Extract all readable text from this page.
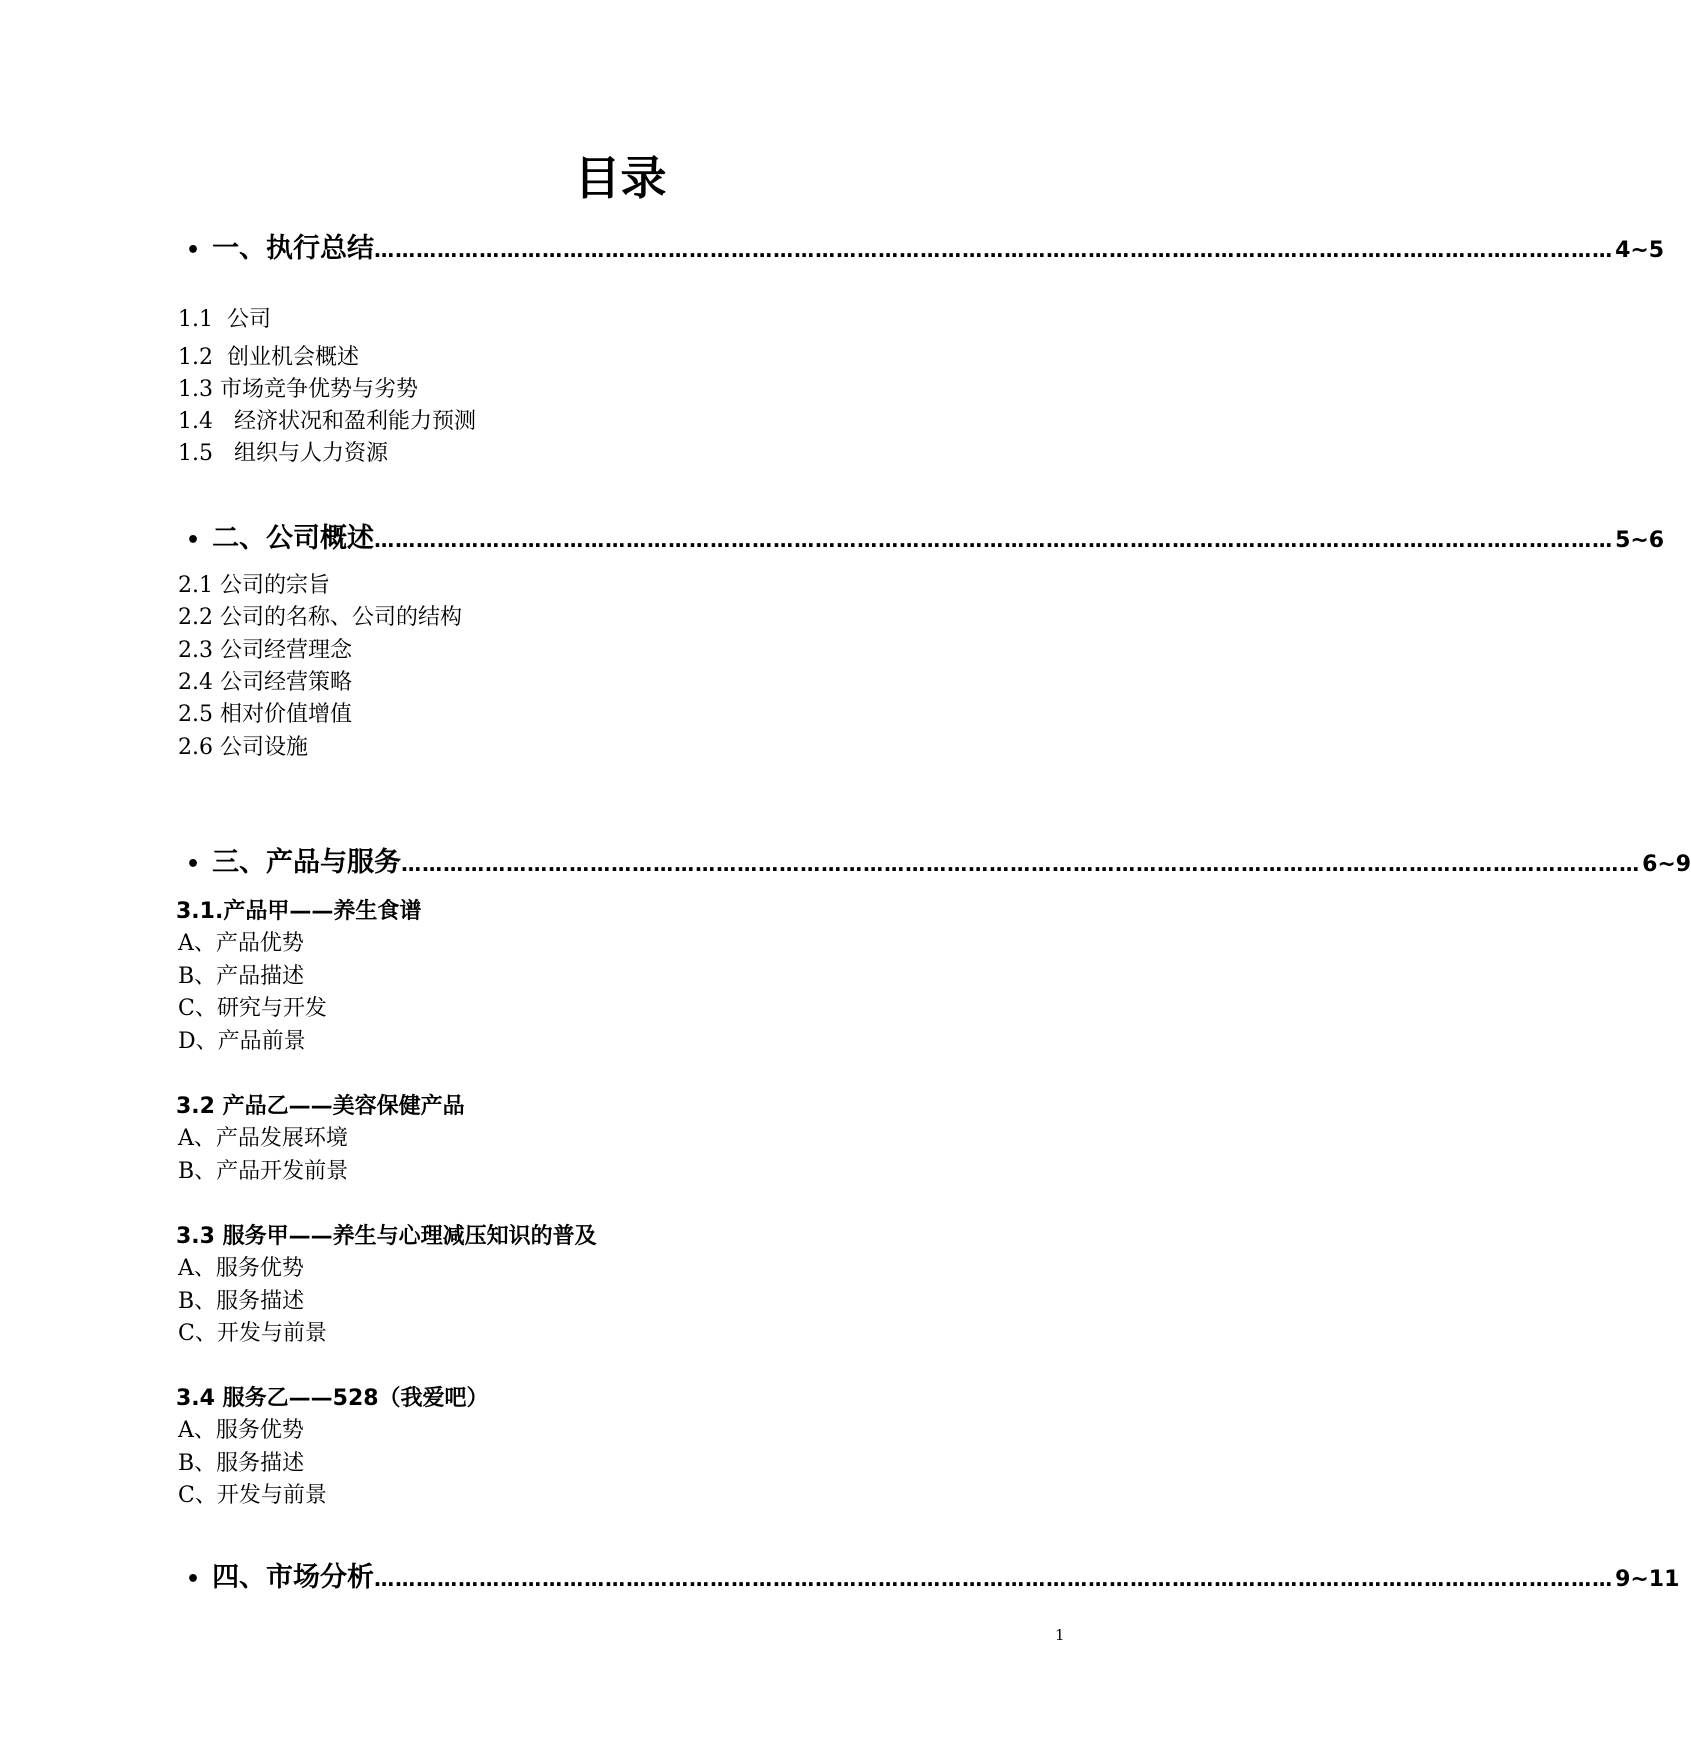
目录
• 一、执行总结 …………………………………………………………………………………………………………………………………………………………… 4~5
1.1  公司
1.2  创业机会概述
1.3 市场竞争优势与劣势
1.4   经济状况和盈利能力预测
1.5   组织与人力资源
• 二、公司概述 …………………………………………………………………………………………………………………………………………………………… 5~6
2.1 公司的宗旨
2.2 公司的名称、公司的结构
2.3 公司经营理念
2.4 公司经营策略
2.5 相对价值增值
2.6 公司设施
• 三、产品与服务 …………………………………………………………………………………………………………………………………………………………… 6~9
3.1.产品甲——养生食谱
A、产品优势
B、产品描述
C、研究与开发
D、产品前景
3.2 产品乙——美容保健产品
A、产品发展环境
B、产品开发前景
3.3 服务甲——养生与心理减压知识的普及
A、服务优势
B、服务描述
C、开发与前景
3.4 服务乙——528（我爱吧）
A、服务优势
B、服务描述
C、开发与前景
• 四、市场分析 …………………………………………………………………………………………………………………………………………………………… 9~11
1
